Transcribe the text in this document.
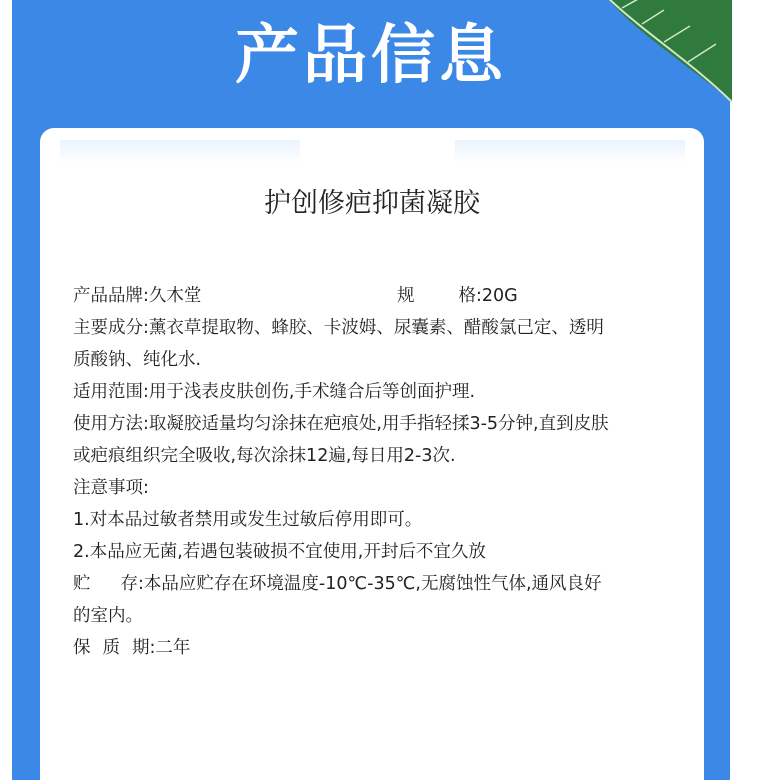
产品信息
护创修疤抑菌凝胶
产品品牌:久木堂	规	格:20G
主要成分:薰衣草提取物、蜂胶、卡波姆、尿囊素、醋酸氯己定、透明
质酸钠、纯化水.
适用范围:用于浅表皮肤创伤,手术缝合后等创面护理.
使用方法:取凝胶适量均匀涂抹在疤痕处,用手指轻揉3-5分钟,直到皮肤
或疤痕组织完全吸收,每次涂抹12遍,每日用2-3次.
注意事项:
1.对本品过敏者禁用或发生过敏后停用即可。
2.本品应无菌,若遇包装破损不宜使用,开封后不宜久放
贮 存:本品应贮存在环境温度-10℃-35℃,无腐蚀性气体,通风良好
的室内。
保 质 期:二年
